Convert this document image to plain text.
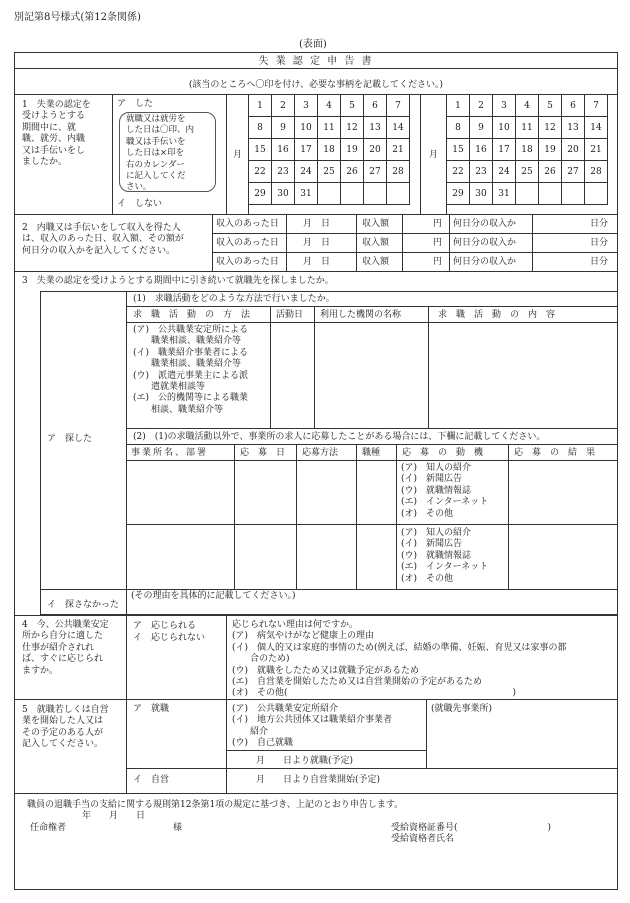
別記第8号様式(第12条関係)
(表面)
失 業 認 定 申 告 書
(該当のところへ〇印を付け、必要な事柄を記載してください。)
1　失業の認定を
受けようとする
期間中に、就
職、就労、内職
又は手伝いをし
ましたか。
ア　した
就職又は就労を
した日は〇印、内
職又は手伝いを
した日は×印を
右のカレンダー
に記入してくだ
さい。
イ　しない
月
1	2	3	4	5	6	7
8	9	10	11	12	13	14
15	16	17	18	19	20	21
22	23	24	25	26	27	28
29	30	31				
月
1	2	3	4	5	6	7
8	9	10	11	12	13	14
15	16	17	18	19	20	21
22	23	24	25	26	27	28
29	30	31				
2　内職又は手伝いをして収入を得た人
は、収入のあった日、収入額、その額が
何日分の収入かを記入してください。
収入のあった日	月　日	収入額	円 何日分の収入か	日分
収入のあった日	月　日	収入額	円 何日分の収入か	日分
収入のあった日	月　日	収入額	円 何日分の収入か	日分
3　失業の認定を受けようとする期間中に引き続いて就職先を探しましたか。
ア　探した
(1)　求職活動をどのような方法で行いましたか。
求　職　活　動　の　方　法	活動日 利用した機関の名称	求　職　活　動　の　内　容
(ア)　公共職業安定所による
　　職業相談、職業紹介等
(イ)　職業紹介事業者による
　　職業相談、職業紹介等
(ウ)　派遣元事業主による派
　　遣就業相談等
(エ)　公的機関等による職業
　　相談、職業紹介等
(2)　(1)の求職活動以外で、事業所の求人に応募したことがある場合には、下欄に記載してください。
事業所名、部署	応　募　日 応募方法	職種 応　募　の　動　機	応　募　の　結　果
(ア)　知人の紹介
(イ)　新聞広告
(ウ)　就職情報誌
(エ)　インターネット
(オ)　その他
(ア)　知人の紹介
(イ)　新聞広告
(ウ)　就職情報誌
(エ)　インターネット
(オ)　その他
イ　探さなかった
(その理由を具体的に記載してください。)
4　今、公共職業安定
所から自分に適した
仕事が紹介されれ
ば、すぐに応じられ
ますか。
ア　応じられる
イ　応じられない
応じられない理由は何ですか。
(ア)　病気やけがなど健康上の理由
(イ)　個人的又は家庭的事情のため(例えば、結婚の準備、妊娠、育児又は家事の都
　　合のため)
(ウ)　就職をしたため又は就職予定があるため
(エ)　自営業を開始したため又は自営業開始の予定があるため
(オ)　その他(　　　　　　　　　　　　　　　　　　　　　　　　　)
5　就職若しくは自営
業を開始した人又は
その予定のある人が
記入してください。
ア　就職	(ア)　公共職業安定所紹介
(イ)　地方公共団体又は職業紹介事業者
　　紹介
(ウ)　自己就職
月　　日より就職(予定)
(就職先事業所)
イ　自営	月　　日より自営業開始(予定)
職員の退職手当の支給に関する規則第12条第1項の規定に基づき、上記のとおり申告します。
年　　月　　日
任命権者	様	受給資格証番号(　　　　　　　　　　)
受給資格者氏名
